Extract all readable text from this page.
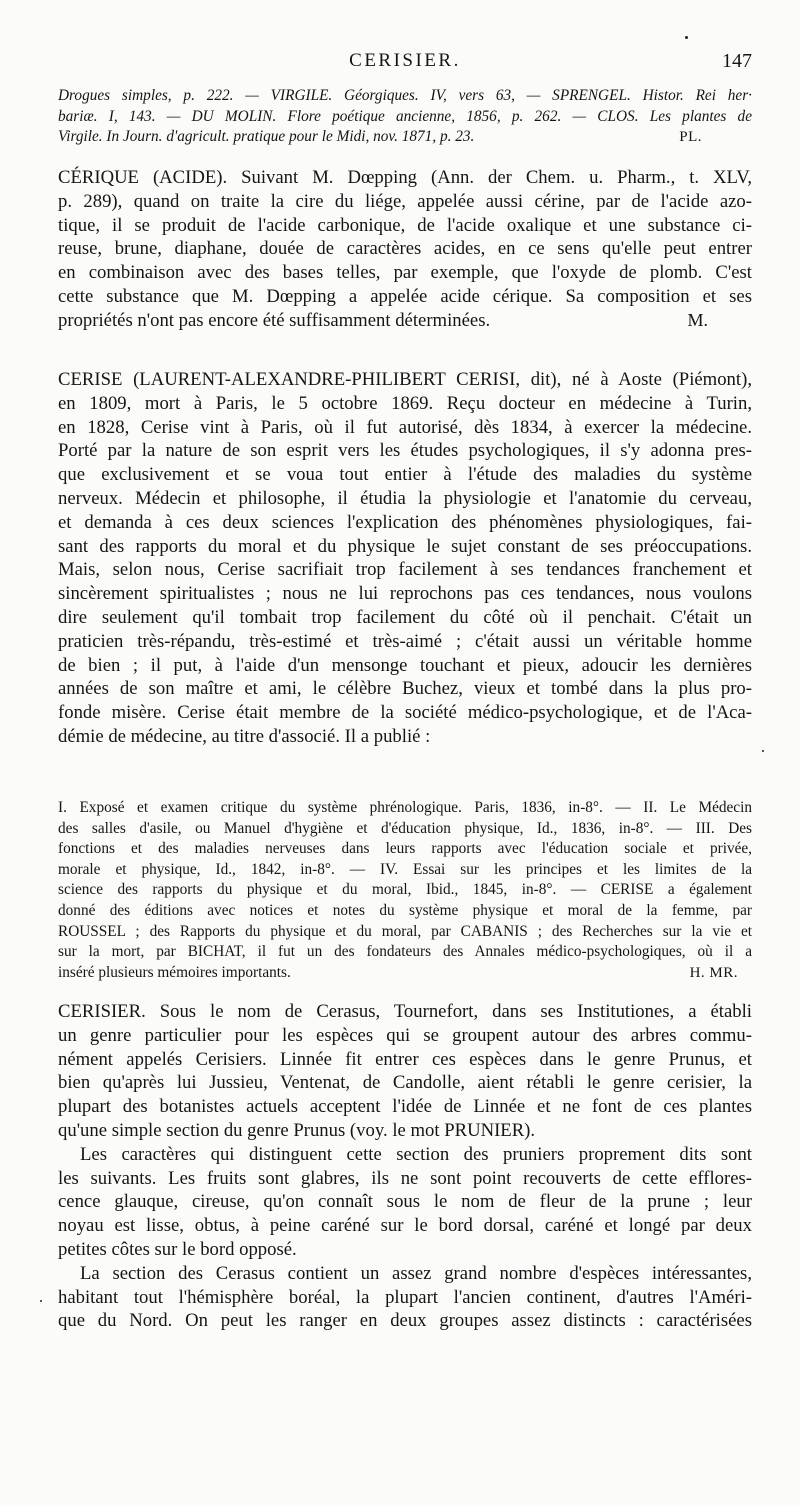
CERISIER.	147
Drogues simples, p. 222. — VIRGILE. Géorgiques. IV, vers 63, — SPRENGEL. Histor. Rei her·
bariæ. I, 143. — DU MOLIN. Flore poétique ancienne, 1856, p. 262. — CLOS. Les plantes de
Virgile. In Journ. d'agricult. pratique pour le Midi, nov. 1871, p. 23.	PL.
CÉRIQUE (ACIDE). Suivant M. Dœpping (Ann. der Chem. u. Pharm., t. XLV,
p. 289), quand on traite la cire du liége, appelée aussi cérine, par de l'acide azo-
tique, il se produit de l'acide carbonique, de l'acide oxalique et une substance ci-
reuse, brune, diaphane, douée de caractères acides, en ce sens qu'elle peut entrer
en combinaison avec des bases telles, par exemple, que l'oxyde de plomb. C'est
cette substance que M. Dœpping a appelée acide cérique. Sa composition et ses
propriétés n'ont pas encore été suffisamment déterminées.	M.
CERISE (LAURENT-ALEXANDRE-PHILIBERT CERISI, dit), né à Aoste (Piémont),
en 1809, mort à Paris, le 5 octobre 1869. Reçu docteur en médecine à Turin,
en 1828, Cerise vint à Paris, où il fut autorisé, dès 1834, à exercer la médecine.
Porté par la nature de son esprit vers les études psychologiques, il s'y adonna pres-
que exclusivement et se voua tout entier à l'étude des maladies du système
nerveux. Médecin et philosophe, il étudia la physiologie et l'anatomie du cerveau,
et demanda à ces deux sciences l'explication des phénomènes physiologiques, fai-
sant des rapports du moral et du physique le sujet constant de ses préoccupations.
Mais, selon nous, Cerise sacrifiait trop facilement à ses tendances franchement et
sincèrement spiritualistes ; nous ne lui reprochons pas ces tendances, nous voulons
dire seulement qu'il tombait trop facilement du côté où il penchait. C'était un
praticien très-répandu, très-estimé et très-aimé ; c'était aussi un véritable homme
de bien ; il put, à l'aide d'un mensonge touchant et pieux, adoucir les dernières
années de son maître et ami, le célèbre Buchez, vieux et tombé dans la plus pro-
fonde misère. Cerise était membre de la société médico-psychologique, et de l'Aca-
démie de médecine, au titre d'associé. Il a publié :
I. Exposé et examen critique du système phrénologique. Paris, 1836, in-8°. — II. Le Médecin
des salles d'asile, ou Manuel d'hygiène et d'éducation physique, Id., 1836, in-8°. — III. Des
fonctions et des maladies nerveuses dans leurs rapports avec l'éducation sociale et privée,
morale et physique, Id., 1842, in-8°. — IV. Essai sur les principes et les limites de la
science des rapports du physique et du moral, Ibid., 1845, in-8°. — CERISE a également
donné des éditions avec notices et notes du système physique et moral de la femme, par
ROUSSEL ; des Rapports du physique et du moral, par CABANIS ; des Recherches sur la vie et
sur la mort, par BICHAT, il fut un des fondateurs des Annales médico-psychologiques, où il a
inséré plusieurs mémoires importants.	H. MR.
CERISIER. Sous le nom de Cerasus, Tournefort, dans ses Institutiones, a établi
un genre particulier pour les espèces qui se groupent autour des arbres commu-
nément appelés Cerisiers. Linnée fit entrer ces espèces dans le genre Prunus, et
bien qu'après lui Jussieu, Ventenat, de Candolle, aient rétabli le genre cerisier, la
plupart des botanistes actuels acceptent l'idée de Linnée et ne font de ces plantes
qu'une simple section du genre Prunus (voy. le mot PRUNIER).
Les caractères qui distinguent cette section des pruniers proprement dits sont
les suivants. Les fruits sont glabres, ils ne sont point recouverts de cette efflores-
cence glauque, cireuse, qu'on connaît sous le nom de fleur de la prune ; leur
noyau est lisse, obtus, à peine caréné sur le bord dorsal, caréné et longé par deux
petites côtes sur le bord opposé.
La section des Cerasus contient un assez grand nombre d'espèces intéressantes,
habitant tout l'hémisphère boréal, la plupart l'ancien continent, d'autres l'Améri-
que du Nord. On peut les ranger en deux groupes assez distincts : caractérisées
